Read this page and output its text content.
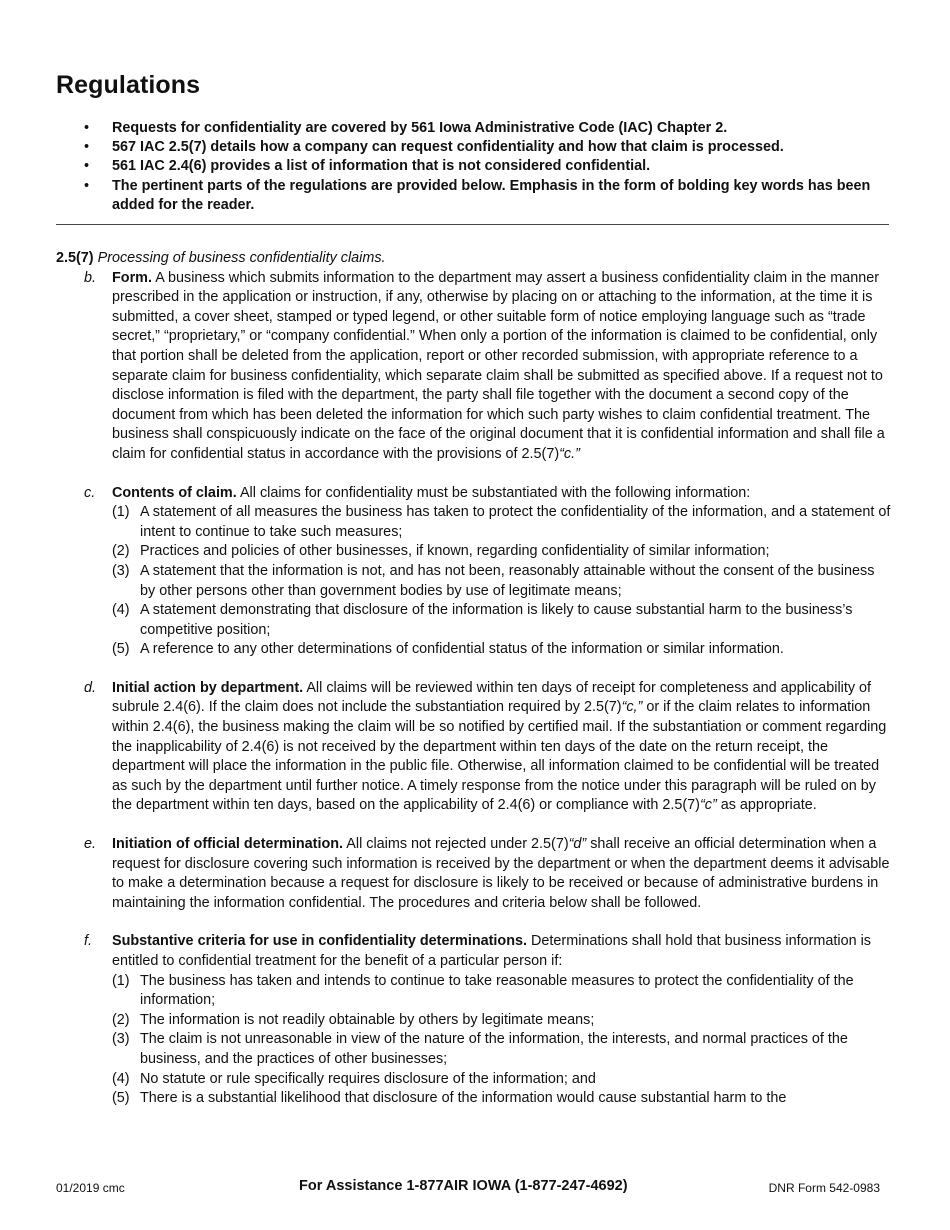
Regulations
• Requests for confidentiality are covered by 561 Iowa Administrative Code (IAC) Chapter 2.
• 567 IAC 2.5(7) details how a company can request confidentiality and how that claim is processed.
• 561 IAC 2.4(6) provides a list of information that is not considered confidential.
• The pertinent parts of the regulations are provided below. Emphasis in the form of bolding key words has been added for the reader.
2.5(7) Processing of business confidentiality claims.
b. Form. A business which submits information to the department may assert a business confidentiality claim in the manner prescribed in the application or instruction, if any, otherwise by placing on or attaching to the information, at the time it is submitted, a cover sheet, stamped or typed legend, or other suitable form of notice employing language such as “trade secret,” “proprietary,” or “company confidential.” When only a portion of the information is claimed to be confidential, only that portion shall be deleted from the application, report or other recorded submission, with appropriate reference to a separate claim for business confidentiality, which separate claim shall be submitted as specified above. If a request not to disclose information is filed with the department, the party shall file together with the document a second copy of the document from which has been deleted the information for which such party wishes to claim confidential treatment. The business shall conspicuously indicate on the face of the original document that it is confidential information and shall file a claim for confidential status in accordance with the provisions of 2.5(7)“c.”
c. Contents of claim. All claims for confidentiality must be substantiated with the following information:
(1) A statement of all measures the business has taken to protect the confidentiality of the information, and a statement of intent to continue to take such measures;
(2) Practices and policies of other businesses, if known, regarding confidentiality of similar information;
(3) A statement that the information is not, and has not been, reasonably attainable without the consent of the business by other persons other than government bodies by use of legitimate means;
(4) A statement demonstrating that disclosure of the information is likely to cause substantial harm to the business’s competitive position;
(5) A reference to any other determinations of confidential status of the information or similar information.
d. Initial action by department. All claims will be reviewed within ten days of receipt for completeness and applicability of subrule 2.4(6). If the claim does not include the substantiation required by 2.5(7)“c,” or if the claim relates to information within 2.4(6), the business making the claim will be so notified by certified mail. If the substantiation or comment regarding the inapplicability of 2.4(6) is not received by the department within ten days of the date on the return receipt, the department will place the information in the public file. Otherwise, all information claimed to be confidential will be treated as such by the department until further notice. A timely response from the notice under this paragraph will be ruled on by the department within ten days, based on the applicability of 2.4(6) or compliance with 2.5(7)“c” as appropriate.
e. Initiation of official determination. All claims not rejected under 2.5(7)“d” shall receive an official determination when a request for disclosure covering such information is received by the department or when the department deems it advisable to make a determination because a request for disclosure is likely to be received or because of administrative burdens in maintaining the information confidential. The procedures and criteria below shall be followed.
f. Substantive criteria for use in confidentiality determinations. Determinations shall hold that business information is entitled to confidential treatment for the benefit of a particular person if:
(1) The business has taken and intends to continue to take reasonable measures to protect the confidentiality of the information;
(2) The information is not readily obtainable by others by legitimate means;
(3) The claim is not unreasonable in view of the nature of the information, the interests, and normal practices of the business, and the practices of other businesses;
(4) No statute or rule specifically requires disclosure of the information; and
(5) There is a substantial likelihood that disclosure of the information would cause substantial harm to the
01/2019 cmc	For Assistance 1-877AIR IOWA (1-877-247-4692)	DNR Form 542-0983
